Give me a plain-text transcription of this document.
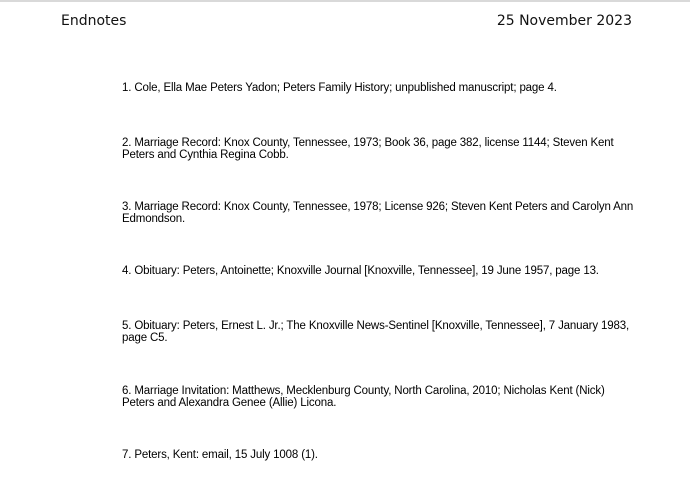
Endnotes	25 November 2023
1. Cole, Ella Mae Peters Yadon; Peters Family History; unpublished manuscript; page 4.
2. Marriage Record: Knox County, Tennessee, 1973; Book 36, page 382, license 1144; Steven Kent Peters and Cynthia Regina Cobb.
3. Marriage Record: Knox County, Tennessee, 1978; License 926; Steven Kent Peters and Carolyn Ann Edmondson.
4. Obituary: Peters, Antoinette; Knoxville Journal [Knoxville, Tennessee], 19 June 1957, page 13.
5. Obituary: Peters, Ernest L. Jr.; The Knoxville News-Sentinel [Knoxville, Tennessee], 7 January 1983, page C5.
6. Marriage Invitation: Matthews, Mecklenburg County, North Carolina, 2010; Nicholas Kent (Nick) Peters and Alexandra Genee (Allie) Licona.
7. Peters, Kent: email, 15 July 1008 (1).
